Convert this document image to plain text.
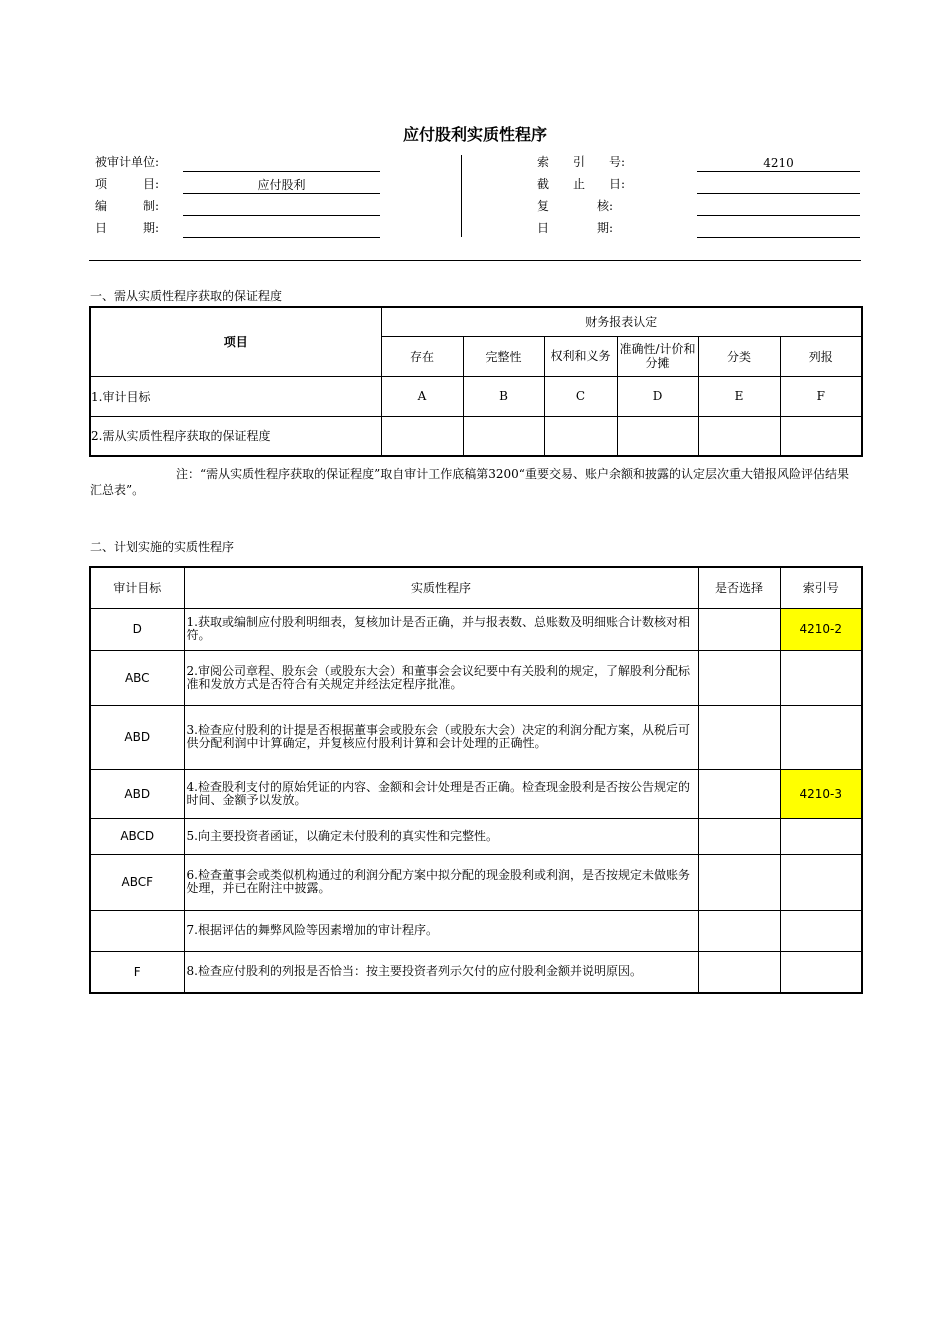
应付股利实质性程序
被审计单位:
项　　　目:	应付股利
编　　　制:
日　　　期:
索　　引　　号:	4210
截　　止　　日:
复　　　　核:
日　　　　期:
一、需从实质性程序获取的保证程度
项目	财务报表认定					
	存在	完整性	权利和义务	准确性/计价和分摊	分类	列报
1.审计目标	A	B	C	D	E	F
2.需从实质性程序获取的保证程度						
注：“需从实质性程序获取的保证程度”取自审计工作底稿第3200“重要交易、账户余额和披露的认定层次重大错报风险评估结果汇总表”。
二、计划实施的实质性程序
审计目标	实质性程序	是否选择	索引号
D	1.获取或编制应付股利明细表，复核加计是否正确，并与报表数、总账数及明细账合计数核对相符。		4210-2
ABC	2.审阅公司章程、股东会（或股东大会）和董事会会议纪要中有关股利的规定，了解股利分配标准和发放方式是否符合有关规定并经法定程序批准。		
ABD	3.检查应付股利的计提是否根据董事会或股东会（或股东大会）决定的利润分配方案，从税后可供分配利润中计算确定，并复核应付股利计算和会计处理的正确性。		
ABD	4.检查股利支付的原始凭证的内容、金额和会计处理是否正确。检查现金股利是否按公告规定的时间、金额予以发放。		4210-3
ABCD	5.向主要投资者函证，以确定未付股利的真实性和完整性。		
ABCF	6.检查董事会或类似机构通过的利润分配方案中拟分配的现金股利或利润，是否按规定未做账务处理，并已在附注中披露。		
	7.根据评估的舞弊风险等因素增加的审计程序。		
F	8.检查应付股利的列报是否恰当：按主要投资者列示欠付的应付股利金额并说明原因。		
